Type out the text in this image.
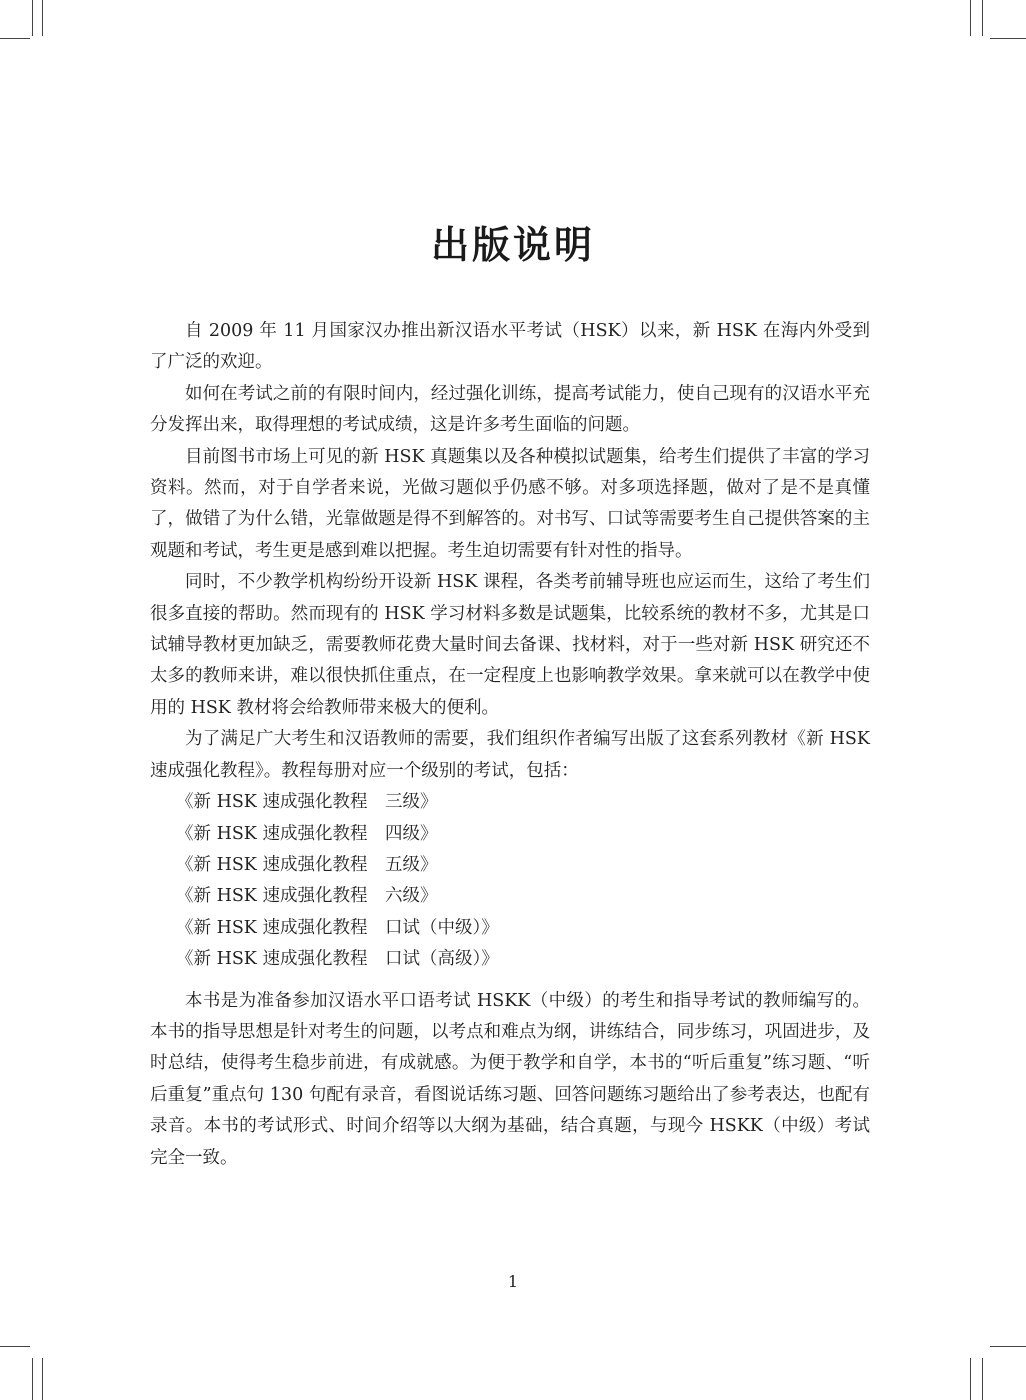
出版说明

自 2009 年 11 月国家汉办推出新汉语水平考试（HSK）以来，新 HSK 在海内外受到了广泛的欢迎。

如何在考试之前的有限时间内，经过强化训练，提高考试能力，使自己现有的汉语水平充分发挥出来，取得理想的考试成绩，这是许多考生面临的问题。

目前图书市场上可见的新 HSK 真题集以及各种模拟试题集，给考生们提供了丰富的学习资料。然而，对于自学者来说，光做习题似乎仍感不够。对多项选择题，做对了是不是真懂了，做错了为什么错，光靠做题是得不到解答的。对书写、口试等需要考生自己提供答案的主观题和考试，考生更是感到难以把握。考生迫切需要有针对性的指导。

同时，不少教学机构纷纷开设新 HSK 课程，各类考前辅导班也应运而生，这给了考生们很多直接的帮助。然而现有的 HSK 学习材料多数是试题集，比较系统的教材不多，尤其是口试辅导教材更加缺乏，需要教师花费大量时间去备课、找材料，对于一些对新 HSK 研究还不太多的教师来讲，难以很快抓住重点，在一定程度上也影响教学效果。拿来就可以在教学中使用的 HSK 教材将会给教师带来极大的便利。

为了满足广大考生和汉语教师的需要，我们组织作者编写出版了这套系列教材《新 HSK 速成强化教程》。教程每册对应一个级别的考试，包括：

《新 HSK 速成强化教程　三级》
《新 HSK 速成强化教程　四级》
《新 HSK 速成强化教程　五级》
《新 HSK 速成强化教程　六级》
《新 HSK 速成强化教程　口试（中级）》
《新 HSK 速成强化教程　口试（高级）》

本书是为准备参加汉语水平口语考试 HSKK（中级）的考生和指导考试的教师编写的。本书的指导思想是针对考生的问题，以考点和难点为纲，讲练结合，同步练习，巩固进步，及时总结，使得考生稳步前进，有成就感。为便于教学和自学，本书的“听后重复”练习题、“听后重复”重点句 130 句配有录音，看图说话练习题、回答问题练习题给出了参考表达，也配有录音。本书的考试形式、时间介绍等以大纲为基础，结合真题，与现今 HSKK（中级）考试完全一致。

1
